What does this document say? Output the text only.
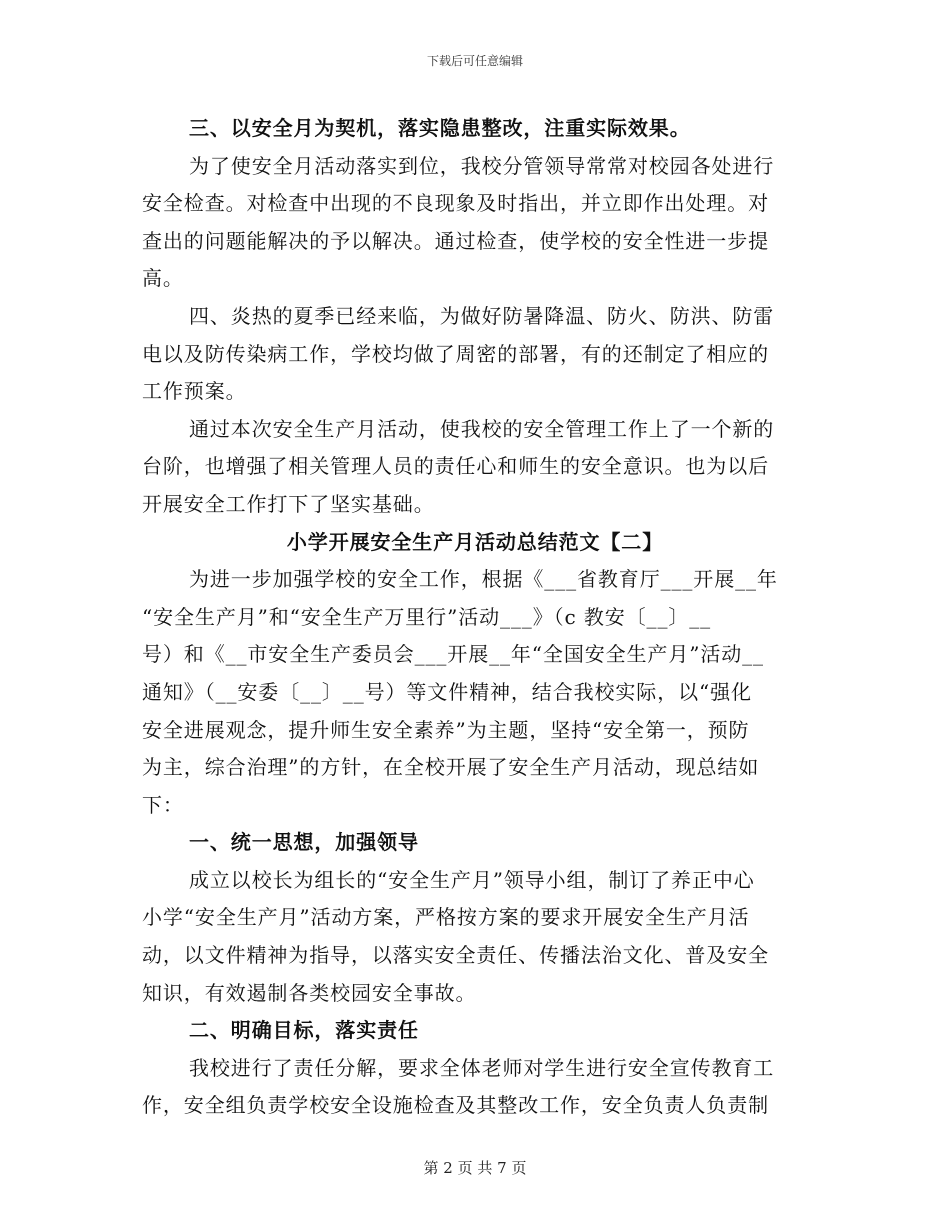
下载后可任意编辑
三、以安全月为契机，落实隐患整改，注重实际效果。
为了使安全月活动落实到位，我校分管领导常常对校园各处进行
安全检查。对检查中出现的不良现象及时指出，并立即作出处理。对
查出的问题能解决的予以解决。通过检查，使学校的安全性进一步提
高。
四、炎热的夏季已经来临，为做好防暑降温、防火、防洪、防雷
电以及防传染病工作，学校均做了周密的部署，有的还制定了相应的
工作预案。
通过本次安全生产月活动，使我校的安全管理工作上了一个新的
台阶，也增强了相关管理人员的责任心和师生的安全意识。也为以后
开展安全工作打下了坚实基础。
小学开展安全生产月活动总结范文【二】
为进一步加强学校的安全工作，根据《___省教育厅___开展__年
“安全生产月”和“安全生产万里行”活动___》（c 教安〔__〕__
号）和《__市安全生产委员会___开展__年“全国安全生产月”活动__
通知》（__安委〔__〕__号）等文件精神，结合我校实际，以“强化
安全进展观念，提升师生安全素养”为主题，坚持“安全第一，预防
为主，综合治理”的方针，在全校开展了安全生产月活动，现总结如
下：
一、统一思想，加强领导
成立以校长为组长的“安全生产月”领导小组，制订了养正中心
小学“安全生产月”活动方案，严格按方案的要求开展安全生产月活
动，以文件精神为指导，以落实安全责任、传播法治文化、普及安全
知识，有效遏制各类校园安全事故。
二、明确目标，落实责任
我校进行了责任分解，要求全体老师对学生进行安全宣传教育工
作，安全组负责学校安全设施检查及其整改工作，安全负责人负责制
第 2 页 共 7 页
